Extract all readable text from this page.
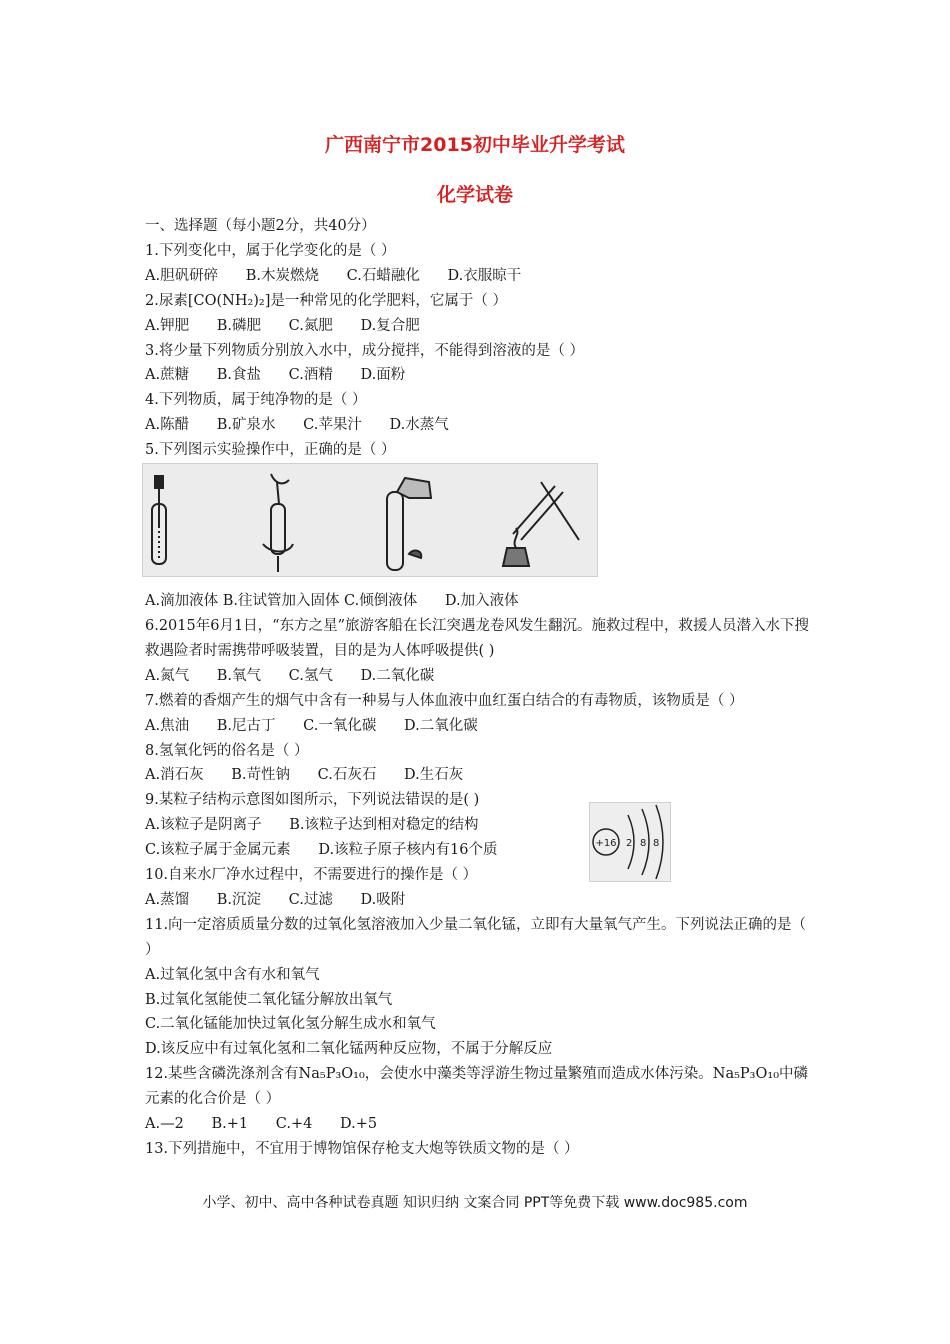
广西南宁市2015初中毕业升学考试
化学试卷
一、选择题（每小题2分，共40分）
1.下列变化中，属于化学变化的是（ ）
A.胆矾研碎      B.木炭燃烧      C.石蜡融化      D.衣服晾干
2.尿素[CO(NH₂)₂]是一种常见的化学肥料，它属于（ ）
A.钾肥      B.磷肥      C.氮肥      D.复合肥
3.将少量下列物质分别放入水中，成分搅拌，不能得到溶液的是（ ）
A.蔗糖      B.食盐      C.酒精      D.面粉
4.下列物质，属于纯净物的是（ ）
A.陈醋      B.矿泉水      C.苹果汁      D.水蒸气
5.下列图示实验操作中，正确的是（ ）
A.滴加液体 B.往试管加入固体 C.倾倒液体      D.加入液体
6.2015年6月1日，“东方之星”旅游客船在长江突遇龙卷风发生翻沉。施救过程中，救援人员潜入水下搜救遇险者时需携带呼吸装置，目的是为人体呼吸提供( )
A.氮气      B.氧气      C.氢气      D.二氧化碳
7.燃着的香烟产生的烟气中含有一种易与人体血液中血红蛋白结合的有毒物质，该物质是（ ）
A.焦油      B.尼古丁      C.一氧化碳      D.二氧化碳
8.氢氧化钙的俗名是（ ）
A.消石灰      B.苛性钠      C.石灰石      D.生石灰
9.某粒子结构示意图如图所示，下列说法错误的是( )
A.该粒子是阴离子      B.该粒子达到相对稳定的结构
C.该粒子属于金属元素      D.该粒子原子核内有16个质
10.自来水厂净水过程中，不需要进行的操作是（ ）
A.蒸馏      B.沉淀      C.过滤      D.吸附
11.向一定溶质质量分数的过氧化氢溶液加入少量二氧化锰，立即有大量氧气产生。下列说法正确的是（ ）
A.过氧化氢中含有水和氧气
B.过氧化氢能使二氧化锰分解放出氧气
C.二氧化锰能加快过氧化氢分解生成水和氧气
D.该反应中有过氧化氢和二氧化锰两种反应物，不属于分解反应
12.某些含磷洗涤剂含有Na₅P₃O₁₀，会使水中藻类等浮游生物过量繁殖而造成水体污染。Na₅P₃O₁₀中磷元素的化合价是（ ）
A.—2      B.+1      C.+4      D.+5
13.下列措施中，不宜用于博物馆保存枪支大炮等铁质文物的是（ ）
+16 2 8 8
小学、初中、高中各种试卷真题 知识归纳 文案合同 PPT等免费下载 www.doc985.com
